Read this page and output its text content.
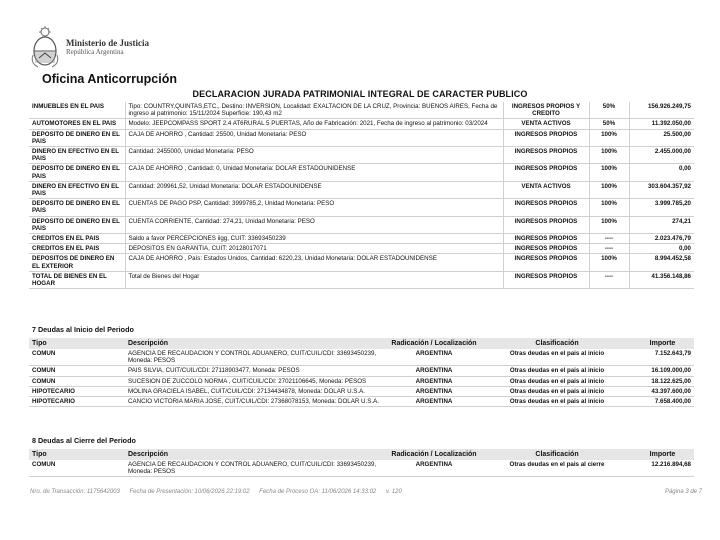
Ministerio de Justicia
República Argentina
Oficina Anticorrupción
DECLARACION JURADA PATRIMONIAL INTEGRAL DE CARACTER PUBLICO
INMUEBLES EN EL PAIS	Tipo: COUNTRY,QUINTAS,ETC., Destino: INVERSION, Localidad: EXALTACION DE LA CRUZ, Provincia: BUENOS AIRES, Fecha de ingreso al patrimonio: 15/11/2024 Superficie: 190,43 m2	INGRESOS PROPIOS Y CREDITO	50%	156.926.249,75
AUTOMOTORES EN EL PAIS	Modelo: JEEPCOMPASS SPORT 2.4 AT6RURAL 5 PUERTAS, Año de Fabricación: 2021, Fecha de ingreso al patrimonio: 03/2024	VENTA ACTIVOS	50%	11.392.050,00
DEPOSITO DE DINERO EN EL PAIS	CAJA DE AHORRO , Cantidad: 25500, Unidad Monetaria: PESO	INGRESOS PROPIOS	100%	25.500,00
DINERO EN EFECTIVO EN EL PAIS	Cantidad: 2455000, Unidad Monetaria: PESO	INGRESOS PROPIOS	100%	2.455.000,00
DEPOSITO DE DINERO EN EL PAIS	CAJA DE AHORRO , Cantidad: 0, Unidad Monetaria: DOLAR ESTADOUNIDENSE	INGRESOS PROPIOS	100%	0,00
DINERO EN EFECTIVO EN EL PAIS	Cantidad: 209961,52, Unidad Monetaria: DOLAR ESTADOUNIDENSE	VENTA ACTIVOS	100%	303.604.357,92
DEPOSITO DE DINERO EN EL PAIS	CUENTAS DE PAGO PSP, Cantidad: 3999785,2, Unidad Monetaria: PESO	INGRESOS PROPIOS	100%	3.999.785,20
DEPOSITO DE DINERO EN EL PAIS	CUENTA CORRIENTE, Cantidad: 274,21, Unidad Monetaria: PESO	INGRESOS PROPIOS	100%	274,21
CREDITOS EN EL PAIS	Saldo a favor PERCEPCIONES iigg, CUIT: 33693450239	INGRESOS PROPIOS	----	2.023.476,79
CREDITOS EN EL PAIS	DEPOSITOS EN GARANTIA, CUIT: 20128017071	INGRESOS PROPIOS	----	0,00
DEPOSITOS DE DINERO EN EL EXTERIOR	CAJA DE AHORRO , País: Estados Unidos, Cantidad: 6220,23, Unidad Monetaria: DOLAR ESTADOUNIDENSE	INGRESOS PROPIOS	100%	8.994.452,58
TOTAL DE BIENES EN EL HOGAR	Total de Bienes del Hogar	INGRESOS PROPIOS	----	41.356.148,86
7 Deudas al Inicio del Periodo
Tipo	Descripción	Radicación / Localización	Clasificación	Importe
COMUN	AGENCIA DE RECAUDACION Y CONTROL ADUANERO, CUIT/CUIL/CDI: 33693450239, Moneda: PESOS	ARGENTINA	Otras deudas en el pais al inicio	7.152.643,79
COMUN	PAIS SILVIA, CUIT/CUIL/CDI: 27118903477, Moneda: PESOS	ARGENTINA	Otras deudas en el pais al inicio	16.109.000,00
COMUN	SUCESION DE ZUCCOLO NORMA , CUIT/CUIL/CDI: 27021106645, Moneda: PESOS	ARGENTINA	Otras deudas en el pais al inicio	18.122.625,00
HIPOTECARIO	MOLINA GRACIELA ISABEL, CUIT/CUIL/CDI: 27134434878, Moneda: DOLAR U.S.A.	ARGENTINA	Otras deudas en el pais al inicio	43.397.600,00
HIPOTECARIO	CANCIO VICTORIA MARIA JOSE, CUIT/CUIL/CDI: 27368078153, Moneda: DOLAR U.S.A.	ARGENTINA	Otras deudas en el pais al inicio	7.658.400,00
8 Deudas al Cierre del Periodo
Tipo	Descripción	Radicación / Localización	Clasificación	Importe
COMUN	AGENCIA DE RECAUDACION Y CONTROL ADUANERO, CUIT/CUIL/CDI: 33693450239, Moneda: PESOS	ARGENTINA	Otras deudas en el pais al cierre	12.216.894,68
Nro. de Transacción: 1175642003 Fecha de Presentación: 10/06/2026 22:19:02 Fecha de Proceso OA: 11/06/2026 14:33:02 v. 120	Página 3 de 7
